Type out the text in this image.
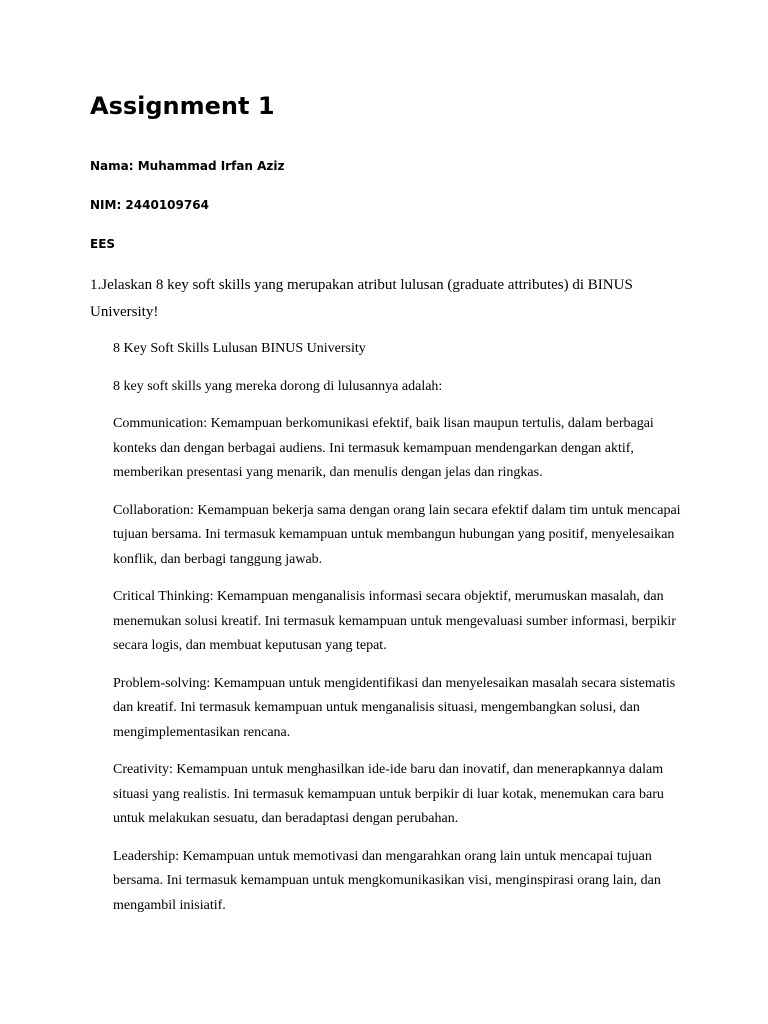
Assignment 1

Nama: Muhammad Irfan Aziz

NIM: 2440109764

EES

1.Jelaskan 8 key soft skills yang merupakan atribut lulusan (graduate attributes) di BINUS University!

8 Key Soft Skills Lulusan BINUS University

8 key soft skills yang mereka dorong di lulusannya adalah:

Communication: Kemampuan berkomunikasi efektif, baik lisan maupun tertulis, dalam berbagai konteks dan dengan berbagai audiens. Ini termasuk kemampuan mendengarkan dengan aktif, memberikan presentasi yang menarik, dan menulis dengan jelas dan ringkas.

Collaboration: Kemampuan bekerja sama dengan orang lain secara efektif dalam tim untuk mencapai tujuan bersama. Ini termasuk kemampuan untuk membangun hubungan yang positif, menyelesaikan konflik, dan berbagi tanggung jawab.

Critical Thinking: Kemampuan menganalisis informasi secara objektif, merumuskan masalah, dan menemukan solusi kreatif. Ini termasuk kemampuan untuk mengevaluasi sumber informasi, berpikir secara logis, dan membuat keputusan yang tepat.

Problem-solving: Kemampuan untuk mengidentifikasi dan menyelesaikan masalah secara sistematis dan kreatif. Ini termasuk kemampuan untuk menganalisis situasi, mengembangkan solusi, dan mengimplementasikan rencana.

Creativity: Kemampuan untuk menghasilkan ide-ide baru dan inovatif, dan menerapkannya dalam situasi yang realistis. Ini termasuk kemampuan untuk berpikir di luar kotak, menemukan cara baru untuk melakukan sesuatu, dan beradaptasi dengan perubahan.

Leadership: Kemampuan untuk memotivasi dan mengarahkan orang lain untuk mencapai tujuan bersama. Ini termasuk kemampuan untuk mengkomunikasikan visi, menginspirasi orang lain, dan mengambil inisiatif.
